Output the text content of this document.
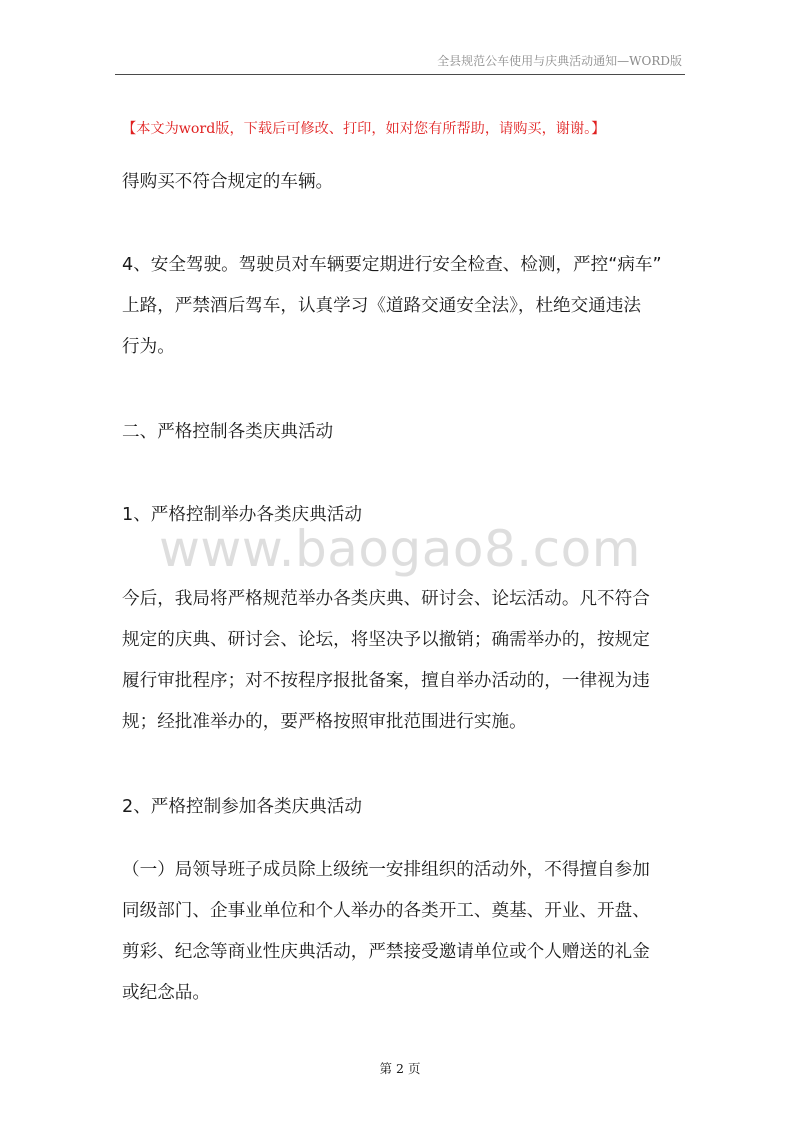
全县规范公车使用与庆典活动通知—WORD版
【本文为word版，下载后可修改、打印，如对您有所帮助，请购买，谢谢。】
www.baogao8.com
得购买不符合规定的车辆。
4、安全驾驶。驾驶员对车辆要定期进行安全检查、检测，严控“病车”
上路，严禁酒后驾车，认真学习《道路交通安全法》，杜绝交通违法
行为。
二、严格控制各类庆典活动
1、严格控制举办各类庆典活动
今后，我局将严格规范举办各类庆典、研讨会、论坛活动。凡不符合
规定的庆典、研讨会、论坛，将坚决予以撤销；确需举办的，按规定
履行审批程序；对不按程序报批备案，擅自举办活动的，一律视为违
规；经批准举办的，要严格按照审批范围进行实施。
2、严格控制参加各类庆典活动
（一）局领导班子成员除上级统一安排组织的活动外，不得擅自参加
同级部门、企事业单位和个人举办的各类开工、奠基、开业、开盘、
剪彩、纪念等商业性庆典活动，严禁接受邀请单位或个人赠送的礼金
或纪念品。
第 2 页
